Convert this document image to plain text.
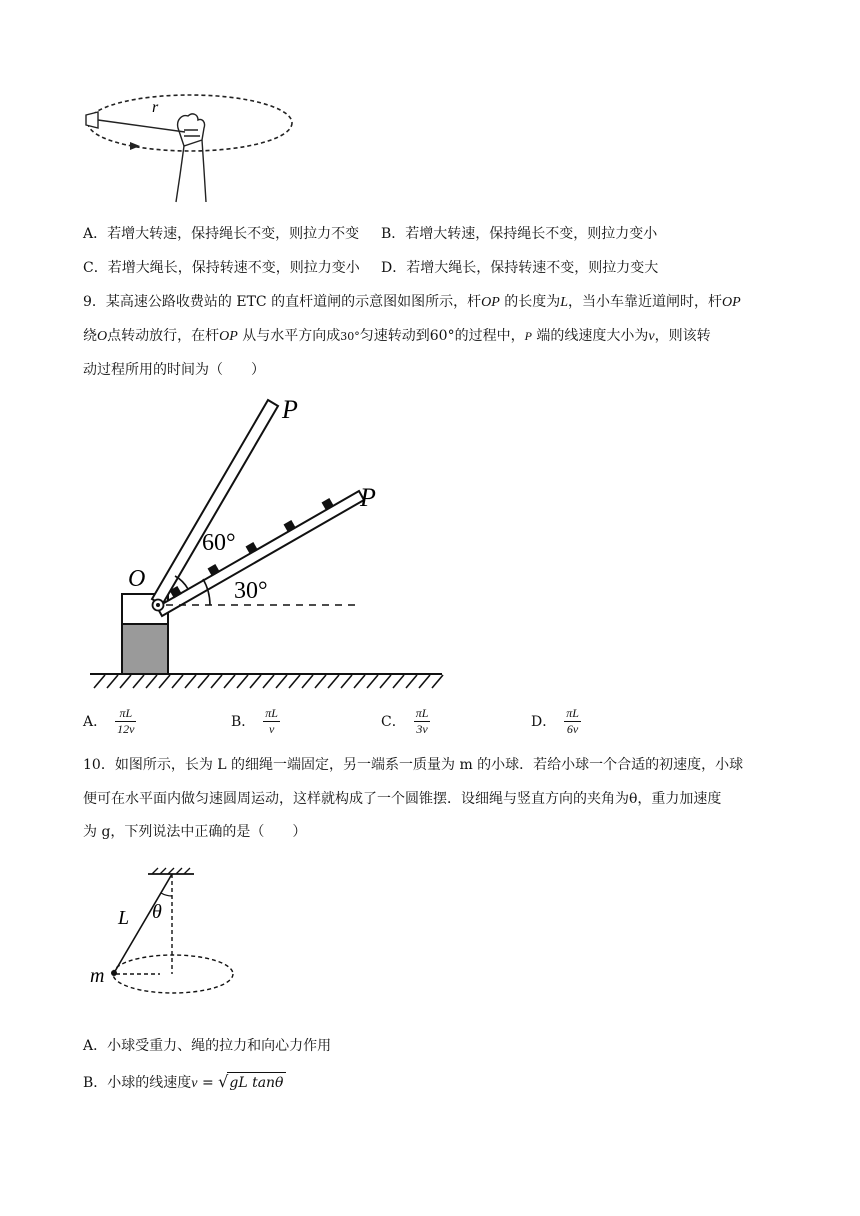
r
A．若增大转速，保持绳长不变，则拉力不变 B．若增大转速，保持绳长不变，则拉力变小
C．若增大绳长，保持转速不变，则拉力变小 D．若增大绳长，保持转速不变，则拉力变大
9．某高速公路收费站的 ETC 的直杆道闸的示意图如图所示，杆OP 的长度为L，当小车靠近道闸时，杆OP
绕O点转动放行，在杆OP 从与水平方向成30°匀速转动到60°的过程中，P 端的线速度大小为v，则该转
动过程所用的时间为（　　）
P
P
O
60°
30°
A． $\frac{\pi L}{12v}$	B． $\frac{\pi L}{v}$	C． $\frac{\pi L}{3v}$	D． $\frac{\pi L}{6v}$
10．如图所示，长为 L 的细绳一端固定，另一端系一质量为 m 的小球．若给小球一个合适的初速度，小球
便可在水平面内做匀速圆周运动，这样就构成了一个圆锥摆．设细绳与竖直方向的夹角为θ，重力加速度
为 g，下列说法中正确的是（　　）
L θ
m
A．小球受重力、绳的拉力和向心力作用
B．小球的线速度v = √gL tanθ
